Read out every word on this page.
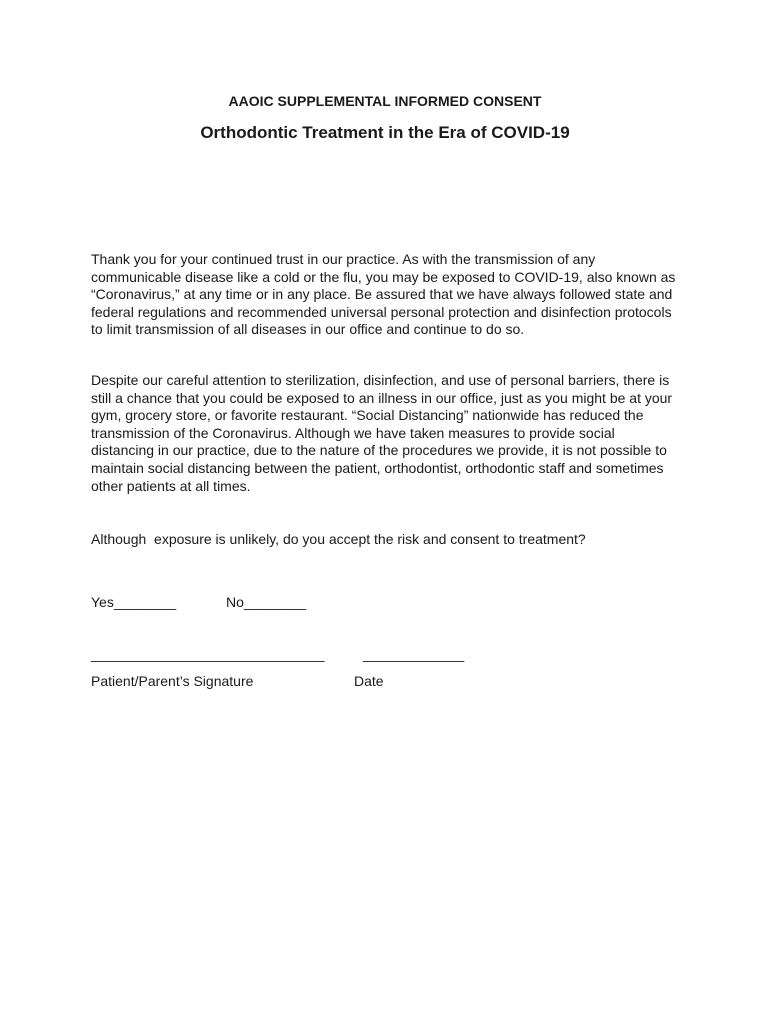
AAOIC SUPPLEMENTAL INFORMED CONSENT
Orthodontic Treatment in the Era of COVID-19

Thank you for your continued trust in our practice. As with the transmission of any communicable disease like a cold or the flu, you may be exposed to COVID-19, also known as “Coronavirus,” at any time or in any place. Be assured that we have always followed state and federal regulations and recommended universal personal protection and disinfection protocols to limit transmission of all diseases in our office and continue to do so.

Despite our careful attention to sterilization, disinfection, and use of personal barriers, there is still a chance that you could be exposed to an illness in our office, just as you might be at your gym, grocery store, or favorite restaurant. “Social Distancing” nationwide has reduced the transmission of the Coronavirus. Although we have taken measures to provide social distancing in our practice, due to the nature of the procedures we provide, it is not possible to maintain social distancing between the patient, orthodontist, orthodontic staff and sometimes other patients at all times.

Although  exposure is unlikely, do you accept the risk and consent to treatment?
Yes________	No________
______________________________	_____________
Patient/Parent’s Signature	Date
